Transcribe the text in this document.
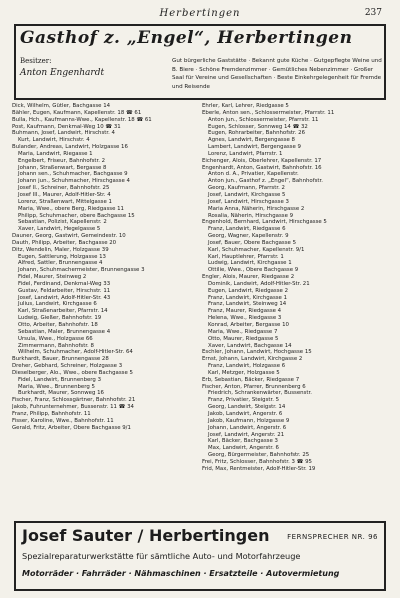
Herbertingen	237
Gasthof z. „Engel“, Herbertingen
Besitzer:
Anton Engenhardt
Gut bürgerliche Gaststätte · Bekannt gute Küche · Gutgepflegte Weine und B. Biere · Schöne Fremdenzimmer · Gemütliches Nebenzimmer · Großer Saal für Vereine und Gesellschaften · Beste Einkehrgelegenheit für Fremde und Reisende
Dick, Wilhelm, Gütler, Bachgasse 14
Bähler, Eugen, Kaufmann, Kapellenstr. 18 ☎ 61
Bulla, Hch., Kaufmanns-Wwe., Kapellenstr. 18 ☎ 61
Post, Kaufmann, Denkmal-Weg 10 ☎ 31
Buhmann, Josef, Landwirt, Hirschstr. 4
Kurt, Landwirt, Hirschstr. 4
Bulander, Andreas, Landwirt, Holzgasse 16
Maria, Landwirt, Riegasse 1
Engelbert, Friseur, Bahnhofstr. 2
Johann, Straßenwart, Bergasse 8
Johann sen., Schuhmacher, Bachgasse 9
Johann jun., Schuhmacher, Hirschgasse 4
Josef II., Schreiner, Bahnhofstr. 25
Josef III., Maurer, Adolf-Hitler-Str. 4
Lorenz, Straßenwart, Mittelgasse 1
Maria, Wwe., obere Berg, Riedgasse 11
Philipp, Schuhmacher, obere Bachgasse 15
Sebastian, Polizist, Kapellenstr. 2
Xaver, Landwirt, Hegelgasse 5
Dauner, Georg, Gastwirt, Gemeindestr. 10
Dauth, Philipp, Arbeiter, Bachgasse 20
Ditz, Wendelin, Maler, Holzgasse 39
Eugen, Sattlerung, Holzgasse 13
Alfred, Sattler, Brunnengasse 4
Johann, Schuhmachermeister, Brunnengasse 3
Fidel, Maurer, Steinweg 2
Fidel, Ferdinand, Denkmal-Weg 33
Gustav, Feldarbeiter, Hirschstr. 11
Josef, Landwirt, Adolf-Hitler-Str. 43
Julius, Landwirt, Kirchgasse 6
Karl, Straßenarbeiter, Pfarrstr. 14
Ludwig, Gießer, Bahnhofstr. 19
Otto, Arbeiter, Bahnhofstr. 18
Sebastian, Maler, Brunnengasse 4
Ursula, Wwe., Holzgasse 66
Zimmermann, Bahnhofstr. 8
Wilhelm, Schuhmacher, Adolf-Hitler-Str. 64
Burkhardt, Bauer, Brunnengasse 28
Dreher, Gebhard, Schreiner, Holzgasse 3
Dieselberger, Alo., Wwe., obere Bachgasse 5
Fidel, Landwirt, Brunnenberg 3
Maria, Wwe., Brunnenberg 5
Burkhardt, Maurer, Sonnweg 16
Fischer, Franz, Schlossgärtner, Bahnhofstr. 21
Jakob, Fuhrunternehmer, Bussenstr. 11 ☎ 34
Franz, Philipp, Bahnhofstr. 11
Fisser, Karoline, Wwe., Bahnhofstr. 11
Gerald, Fritz, Arbeiter, Obere Bachgasse 9/1
Ehrler, Karl, Lehrer, Riedgasse 5
Eberle, Anton sen., Schlossermeister, Pfarrstr. 11
Anton jun., Schlossermeister, Pfarrstr. 11
Eugen, Schlosser, Sonnweg 14 ☎ 32
Eugen, Rohrarbeiter, Bahnhofstr. 26
Agnes, Landwirt, Bergengasse 8
Lambert, Landwirt, Bergengasse 9
Lorenz, Landwirt, Pfarrstr. 1
Eichenger, Alois, Oberlehrer, Kapellenstr. 17
Engenhardt, Anton, Gastwirt, Bahnhofstr. 16
Anton d. A., Privatier, Kapellenstr.
Anton jun., Gasthof z. „Engel“, Bahnhofstr.
Georg, Kaufmann, Pfarrstr. 2
Josef, Landwirt, Kirchgasse 5
Josef, Landwirt, Hirschgasse 3
Maria Anna, Näherin, Hirschgasse 2
Rosalia, Näherin, Hirschgasse 9
Engenhold, Bernhard, Landwirt, Hirschgasse 5
Franz, Landwirt, Riedgasse 6
Georg, Wagner, Kapellenstr. 9
Josef, Bauer, Obere Bachgasse 5
Karl, Schuhmacher, Kapellenstr. 9/1
Karl, Hauptlehrer, Pfarrstr. 1
Ludwig, Landwirt, Kirchgasse 1
Ottilie, Wwe., Obere Bachgasse 9
Engler, Alois, Maurer, Riedgasse 2
Dominik, Landwirt, Adolf-Hitler-Str. 21
Eugen, Landwirt, Riedgasse 2
Franz, Landwirt, Kirchgasse 1
Franz, Landwirt, Steinweg 14
Franz, Maurer, Riedgasse 4
Helena, Wwe., Riedgasse 3
Konrad, Arbeiter, Bergasse 10
Maria, Wwe., Riedgasse 7
Otto, Maurer, Riedgasse 5
Xaver, Landwirt, Bachgasse 14
Eschler, Johann, Landwirt, Hochgasse 15
Ernst, Johann, Landwirt, Kirchgasse 2
Franz, Landwirt, Holzgasse 6
Karl, Metzger, Holzgasse 5
Erb, Sebastian, Bäcker, Riedgasse 7
Fischer, Anton, Pfarrer, Brunnenberg 6
Friedrich, Schrankenwärter, Bussenstr.
Franz, Privatier, Steigstr. 5
Georg, Landwirt, Steigstr. 14
Jakob, Landwirt, Angerstr. 6
Jakob, Kaufmann, Holzgasse 9
Johann, Landwirt, Angerstr. 6
Josef, Landwirt, Angerstr. 21
Karl, Bäcker, Bachgasse 3
Max, Landwirt, Angerstr. 6
Georg, Bürgermeister, Bahnhofstr. 25
Frei, Fritz, Schlosser, Bahnhofstr. 3 ☎ 95
Frid, Max, Rentmeister, Adolf-Hitler-Str. 19
Josef Sauter / Herbertingen	FERNSPRECHER NR. 96
Spezialreparaturwerkstätte für sämtliche Auto- und Motorfahrzeuge
Motorräder · Fahrräder · Nähmaschinen · Ersatzteile · Autovermietung
